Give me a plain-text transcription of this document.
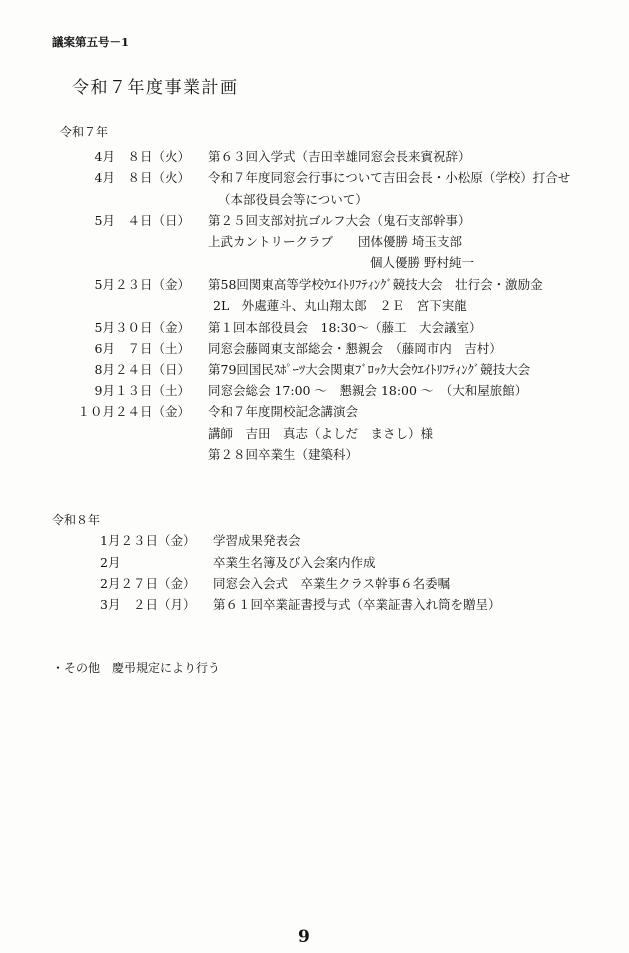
議案第五号－1
令和７年度事業計画
令和７年
4月　８日（火） 第６３回入学式（吉田幸雄同窓会長来賓祝辞）
4月　８日（火） 令和７年度同窓会行事について吉田会長・小松原（学校）打合せ
（本部役員会等について）
5月　４日（日） 第２５回支部対抗ゴルフ大会（鬼石支部幹事）
上武カントリークラブ　　団体優勝 埼玉支部
個人優勝 野村純一
5月２３日（金） 第58回関東高等学校ｳｴｲﾄﾘﾌﾃｨﾝｸﾞ競技大会　壮行会・激励金
2L　外處蓮斗、丸山翔太郎　２Ｅ　宮下実龍
5月３０日（金） 第１回本部役員会　18:30～（藤工　大会議室）
6月　７日（土） 同窓会藤岡東支部総会・懇親会　（藤岡市内　吉村）
8月２４日（日） 第79回国民ｽﾎﾟｰﾂ大会関東ﾌﾞﾛｯｸ大会ｳｴｲﾄﾘﾌﾃｨﾝｸﾞ競技大会
9月１３日（土） 同窓会総会 17:00 ～　懇親会 18:00 ～　（大和屋旅館）
１０月２４日（金） 令和７年度開校記念講演会
講師　吉田　真志（よしだ　まさし）様
第２８回卒業生（建築科）
令和８年
1月２３日（金） 学習成果発表会
2月	卒業生名簿及び入会案内作成
2月２７日（金） 同窓会入会式　卒業生クラス幹事６名委嘱
3月　２日（月） 第６１回卒業証書授与式（卒業証書入れ筒を贈呈）
・その他　慶弔規定により行う
9
